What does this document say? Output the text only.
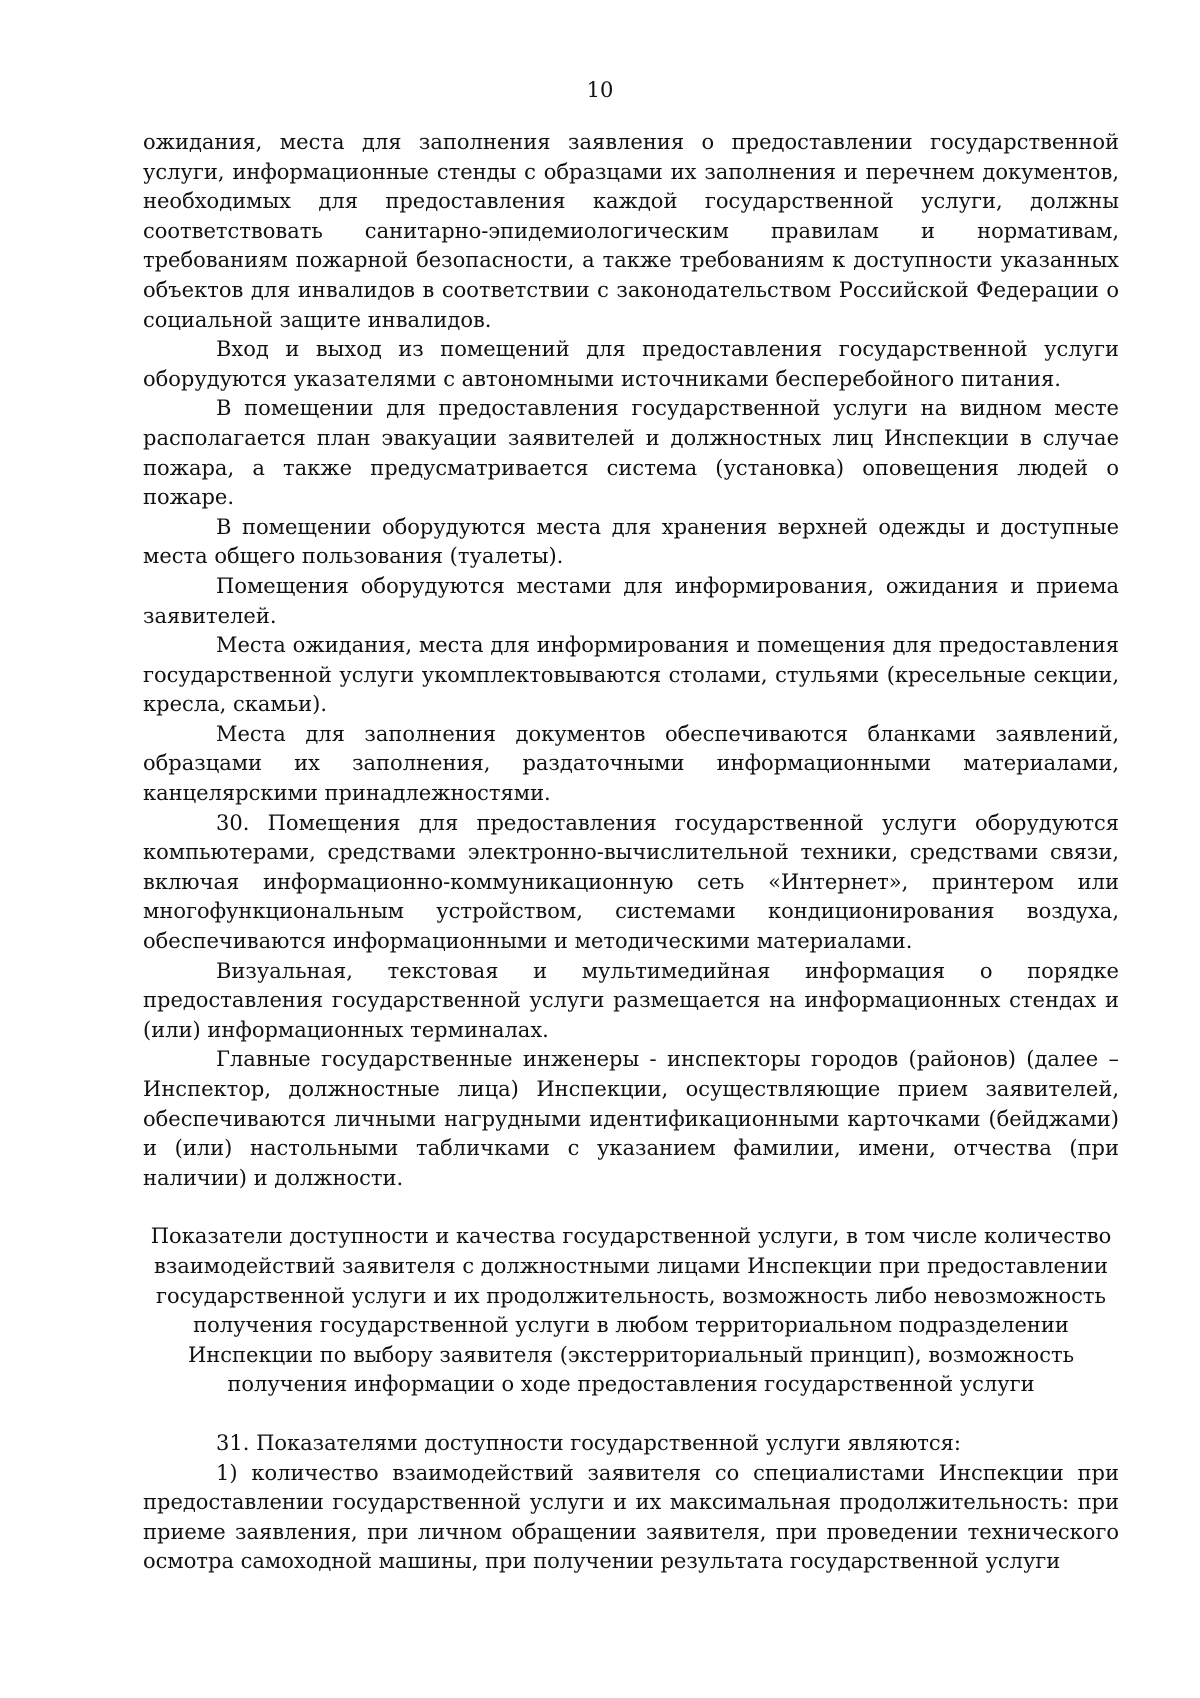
10

ожидания, места для заполнения заявления о предоставлении государственной услуги, информационные стенды с образцами их заполнения и перечнем документов, необходимых для предоставления каждой государственной услуги, должны соответствовать санитарно-эпидемиологическим правилам и нормативам, требованиям пожарной безопасности, а также требованиям к доступности указанных объектов для инвалидов в соответствии с законодательством Российской Федерации о социальной защите инвалидов.

Вход и выход из помещений для предоставления государственной услуги оборудуются указателями с автономными источниками бесперебойного питания.

В помещении для предоставления государственной услуги на видном месте располагается план эвакуации заявителей и должностных лиц Инспекции в случае пожара, а также предусматривается система (установка) оповещения людей о пожаре.

В помещении оборудуются места для хранения верхней одежды и доступные места общего пользования (туалеты).

Помещения оборудуются местами для информирования, ожидания и приема заявителей.

Места ожидания, места для информирования и помещения для предоставления государственной услуги укомплектовываются столами, стульями (кресельные секции, кресла, скамьи).

Места для заполнения документов обеспечиваются бланками заявлений, образцами их заполнения, раздаточными информационными материалами, канцелярскими принадлежностями.

30. Помещения для предоставления государственной услуги оборудуются компьютерами, средствами электронно-вычислительной техники, средствами связи, включая информационно-коммуникационную сеть «Интернет», принтером или многофункциональным устройством, системами кондиционирования воздуха, обеспечиваются информационными и методическими материалами.

Визуальная, текстовая и мультимедийная информация о порядке предоставления государственной услуги размещается на информационных стендах и (или) информационных терминалах.

Главные государственные инженеры - инспекторы городов (районов) (далее – Инспектор, должностные лица) Инспекции, осуществляющие прием заявителей, обеспечиваются личными нагрудными идентификационными карточками (бейджами) и (или) настольными табличками с указанием фамилии, имени, отчества (при наличии) и должности.

Показатели доступности и качества государственной услуги, в том числе количество

взаимодействий заявителя с должностными лицами Инспекции при предоставлении

государственной услуги и их продолжительность, возможность либо невозможность

получения государственной услуги в любом территориальном подразделении

Инспекции по выбору заявителя (экстерриториальный принцип), возможность

получения информации о ходе предоставления государственной услуги

31. Показателями доступности государственной услуги являются:

1) количество взаимодействий заявителя со специалистами Инспекции при предоставлении государственной услуги и их максимальная продолжительность: при приеме заявления, при личном обращении заявителя, при проведении технического осмотра самоходной машины, при получении результата государственной услуги
